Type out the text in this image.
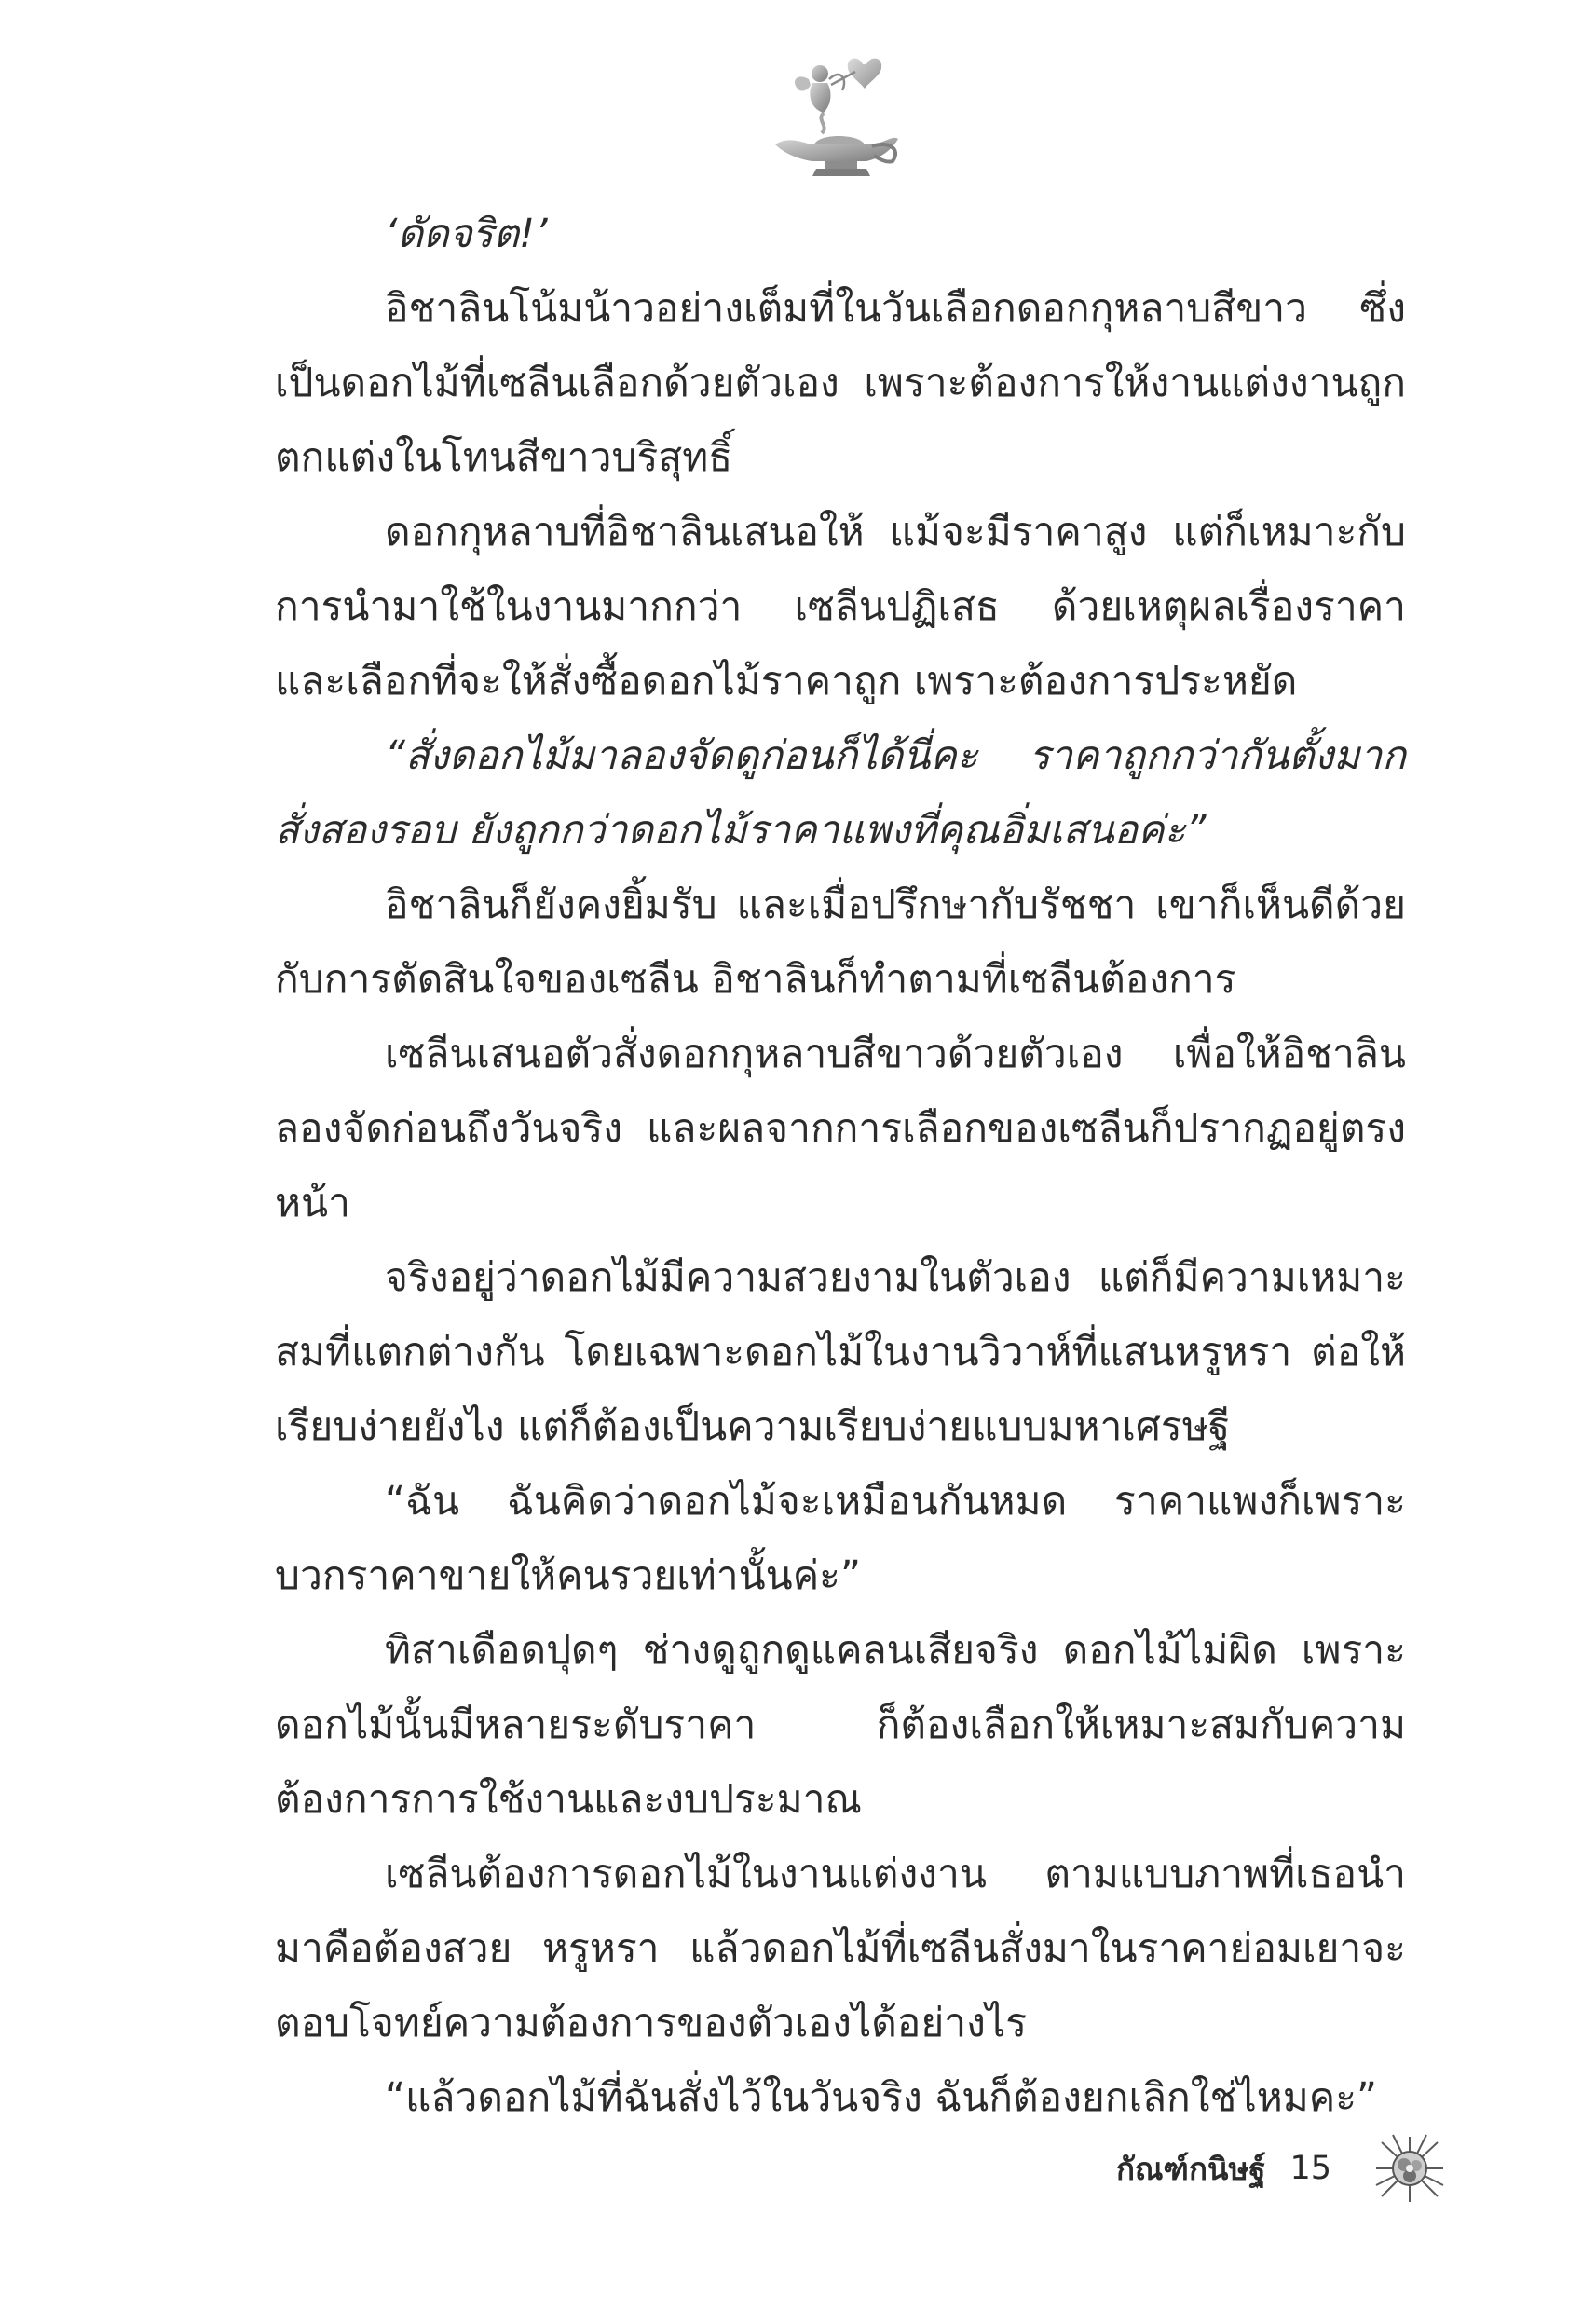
‘ดัดจริต!’

อิชาลินโน้มน้าวอย่างเต็มที่ในวันเลือกดอกกุหลาบสีขาว ซึ่งเป็นดอกไม้ที่เซลีนเลือกด้วยตัวเอง เพราะต้องการให้งานแต่งงานถูกตกแต่งในโทนสีขาวบริสุทธิ์

ดอกกุหลาบที่อิชาลินเสนอให้ แม้จะมีราคาสูง แต่ก็เหมาะกับการนำมาใช้ในงานมากกว่า เซลีนปฏิเสธ ด้วยเหตุผลเรื่องราคา และเลือกที่จะให้สั่งซื้อดอกไม้ราคาถูก เพราะต้องการประหยัด

“สั่งดอกไม้มาลองจัดดูก่อนก็ได้นี่คะ ราคาถูกกว่ากันตั้งมาก สั่งสองรอบ ยังถูกกว่าดอกไม้ราคาแพงที่คุณอิ่มเสนอค่ะ”

อิชาลินก็ยังคงยิ้มรับ และเมื่อปรึกษากับรัชชา เขาก็เห็นดีด้วยกับการตัดสินใจของเซลีน อิชาลินก็ทำตามที่เซลีนต้องการ

เซลีนเสนอตัวสั่งดอกกุหลาบสีขาวด้วยตัวเอง เพื่อให้อิชาลินลองจัดก่อนถึงวันจริง และผลจากการเลือกของเซลีนก็ปรากฏอยู่ตรงหน้า

จริงอยู่ว่าดอกไม้มีความสวยงามในตัวเอง แต่ก็มีความเหมาะสมที่แตกต่างกัน โดยเฉพาะดอกไม้ในงานวิวาห์ที่แสนหรูหรา ต่อให้เรียบง่ายยังไง แต่ก็ต้องเป็นความเรียบง่ายแบบมหาเศรษฐี

“ฉัน ฉันคิดว่าดอกไม้จะเหมือนกันหมด ราคาแพงก็เพราะบวกราคาขายให้คนรวยเท่านั้นค่ะ”

ทิสาเดือดปุดๆ ช่างดูถูกดูแคลนเสียจริง ดอกไม้ไม่ผิด เพราะดอกไม้นั้นมีหลายระดับราคา ก็ต้องเลือกให้เหมาะสมกับความต้องการการใช้งานและงบประมาณ

เซลีนต้องการดอกไม้ในงานแต่งงาน ตามแบบภาพที่เธอนำมาคือต้องสวย หรูหรา แล้วดอกไม้ที่เซลีนสั่งมาในราคาย่อมเยาจะตอบโจทย์ความต้องการของตัวเองได้อย่างไร

“แล้วดอกไม้ที่ฉันสั่งไว้ในวันจริง ฉันก็ต้องยกเลิกใช่ไหมคะ”

กัณฑ์กนิษฐ์ 15
